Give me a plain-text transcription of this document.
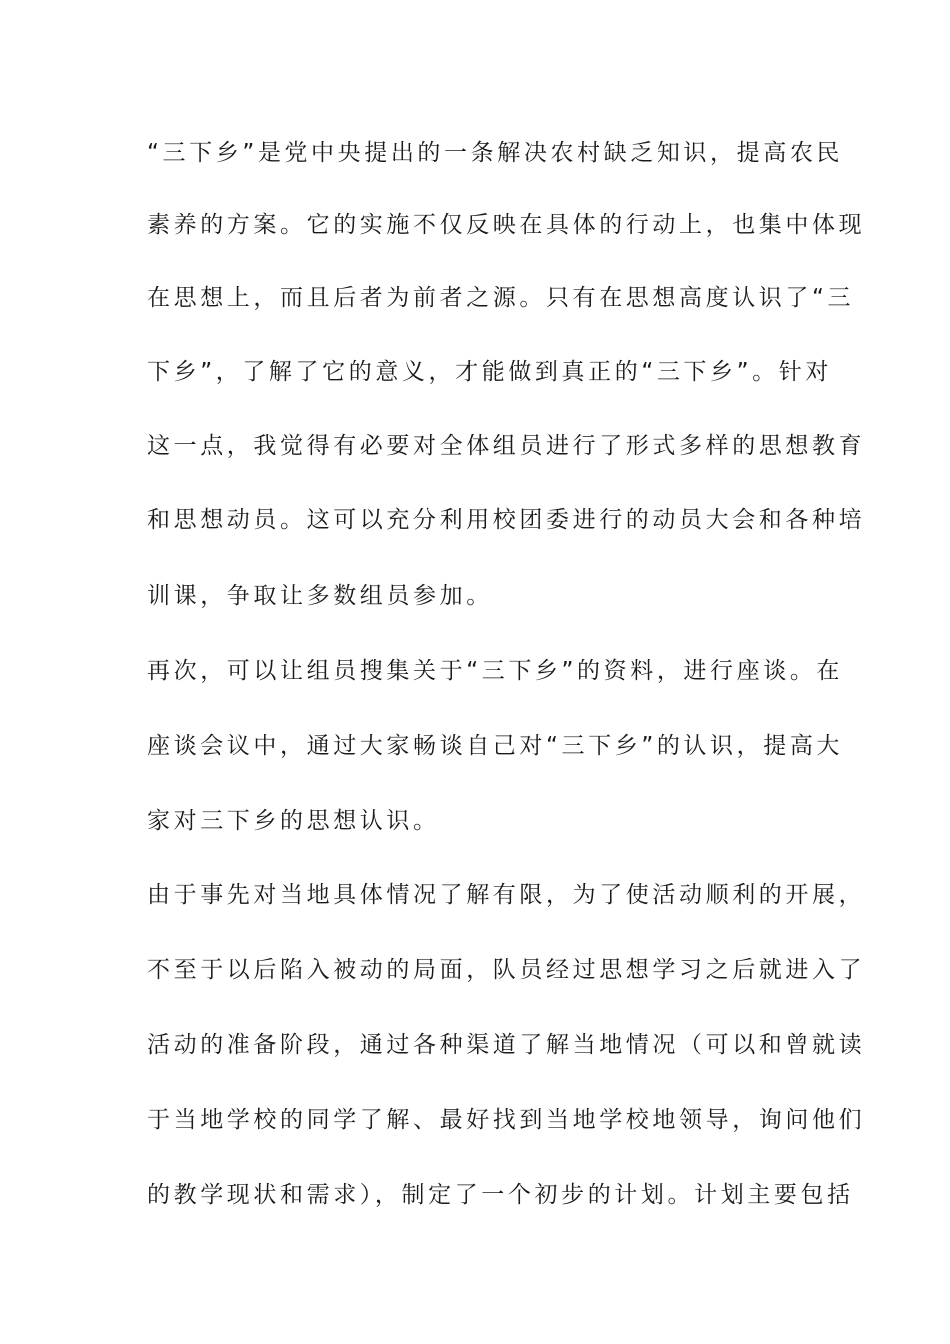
“三下乡”是党中央提出的一条解决农村缺乏知识，提高农民
素养的方案。它的实施不仅反映在具体的行动上，也集中体现
在思想上，而且后者为前者之源。只有在思想高度认识了“三
下乡”，了解了它的意义，才能做到真正的“三下乡”。针对
这一点，我觉得有必要对全体组员进行了形式多样的思想教育
和思想动员。这可以充分利用校团委进行的动员大会和各种培
训课，争取让多数组员参加。
再次，可以让组员搜集关于“三下乡”的资料，进行座谈。在
座谈会议中，通过大家畅谈自己对“三下乡”的认识，提高大
家对三下乡的思想认识。
由于事先对当地具体情况了解有限，为了使活动顺利的开展，
不至于以后陷入被动的局面，队员经过思想学习之后就进入了
活动的准备阶段，通过各种渠道了解当地情况（可以和曾就读
于当地学校的同学了解、最好找到当地学校地领导，询问他们
的教学现状和需求），制定了一个初步的计划。计划主要包括
